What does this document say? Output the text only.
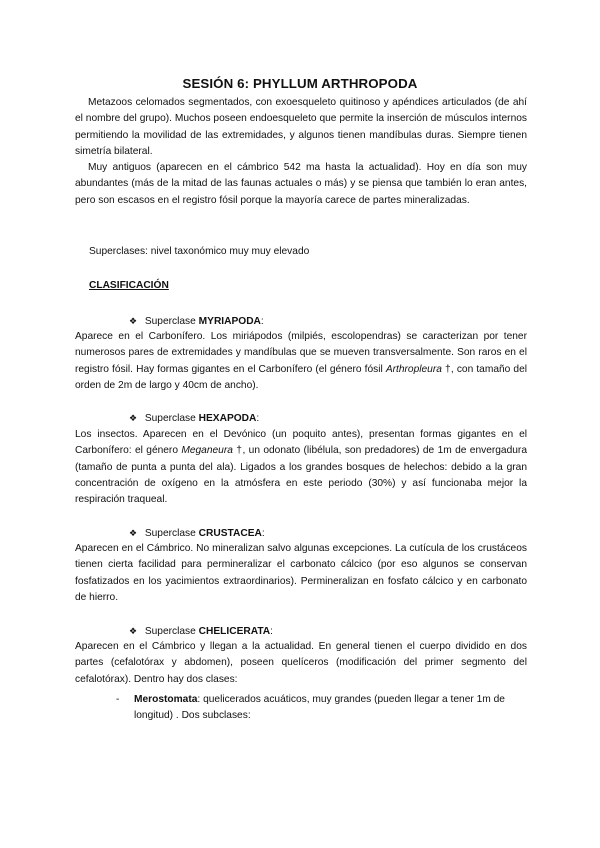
SESIÓN 6: PHYLLUM ARTHROPODA
Metazoos celomados segmentados, con exoesqueleto quitinoso y apéndices articulados (de ahí el nombre del grupo). Muchos poseen endoesqueleto que permite la inserción de músculos internos permitiendo la movilidad de las extremidades, y algunos tienen mandíbulas duras. Siempre tienen simetría bilateral.
Muy antiguos (aparecen en el cámbrico 542 ma hasta la actualidad). Hoy en día son muy abundantes (más de la mitad de las faunas actuales o más) y se piensa que también lo eran antes, pero son escasos en el registro fósil porque la mayoría carece de partes mineralizadas.
Superclases: nivel taxonómico muy muy elevado
CLASIFICACIÓN
❖ Superclase MYRIAPODA:
Aparece en el Carbonífero. Los miriápodos (milpiés, escolopendras) se caracterizan por tener numerosos pares de extremidades y mandíbulas que se mueven transversalmente. Son raros en el registro fósil. Hay formas gigantes en el Carbonífero (el género fósil Arthropleura †, con tamaño del orden de 2m de largo y 40cm de ancho).
❖ Superclase HEXAPODA:
Los insectos. Aparecen en el Devónico (un poquito antes), presentan formas gigantes en el Carbonífero: el género Meganeura †, un odonato (libélula, son predadores) de 1m de envergadura (tamaño de punta a punta del ala). Ligados a los grandes bosques de helechos: debido a la gran concentración de oxígeno en la atmósfera en este periodo (30%) y así funcionaba mejor la respiración traqueal.
❖ Superclase CRUSTACEA:
Aparecen en el Cámbrico. No mineralizan salvo algunas excepciones. La cutícula de los crustáceos tienen cierta facilidad para permineralizar el carbonato cálcico (por eso algunos se conservan fosfatizados en los yacimientos extraordinarios). Permineralizan en fosfato cálcico y en carbonato de hierro.
❖ Superclase CHELICERATA:
Aparecen en el Cámbrico y llegan a la actualidad. En general tienen el cuerpo dividido en dos partes (cefalotórax y abdomen), poseen quelíceros (modificación del primer segmento del cefalotórax). Dentro hay dos clases:
- Merostomata: quelicerados acuáticos, muy grandes (pueden llegar a tener 1m de longitud) . Dos subclases:
